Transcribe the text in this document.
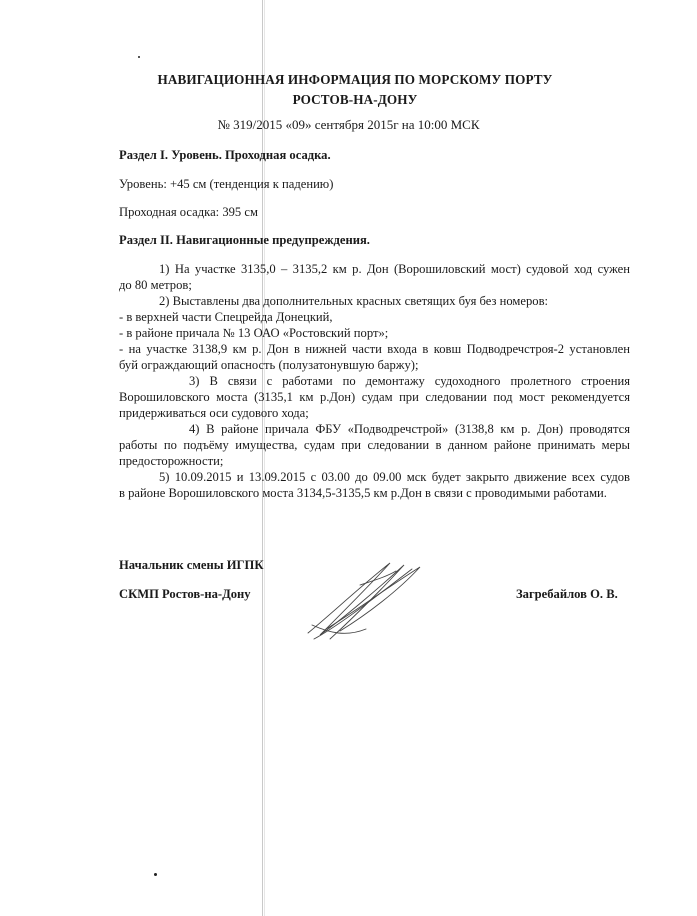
НАВИГАЦИОННАЯ ИНФОРМАЦИЯ ПО МОРСКОМУ ПОРТУ РОСТОВ-НА-ДОНУ
№ 319/2015 «09» сентября 2015г на 10:00 МСК
Раздел I. Уровень. Проходная осадка.
Уровень: +45 см (тенденция к падению)
Проходная осадка: 395 см
Раздел II. Навигационные предупреждения.
1) На участке 3135,0 – 3135,2 км р. Дон (Ворошиловский мост) судовой ход сужен
до 80 метров;
2) Выставлены два дополнительных красных светящих буя без номеров:
- в верхней части Спецрейда Донецкий,
- в районе причала № 13 ОАО «Ростовский порт»;
- на участке 3138,9 км р. Дон в нижней части входа в ковш Подводречстроя-2 установлен
буй ограждающий опасность (полузатонувшую баржу);
3) В связи с работами по демонтажу судоходного пролетного строения
Ворошиловского моста (3135,1 км р.Дон) судам при следовании под мост рекомендуется
придерживаться оси судового хода;
4) В районе причала ФБУ «Подводречстрой» (3138,8 км р. Дон) проводятся
работы по подъёму имущества, судам при следовании в данном районе принимать меры
предосторожности;
5) 10.09.2015 и 13.09.2015 с 03.00 до 09.00 мск будет закрыто движение всех судов
в районе Ворошиловского моста 3134,5-3135,5 км р.Дон в связи с проводимыми работами.
Начальник смены ИГПК
СКМП Ростов-на-Дону	Загребайлов О. В.
